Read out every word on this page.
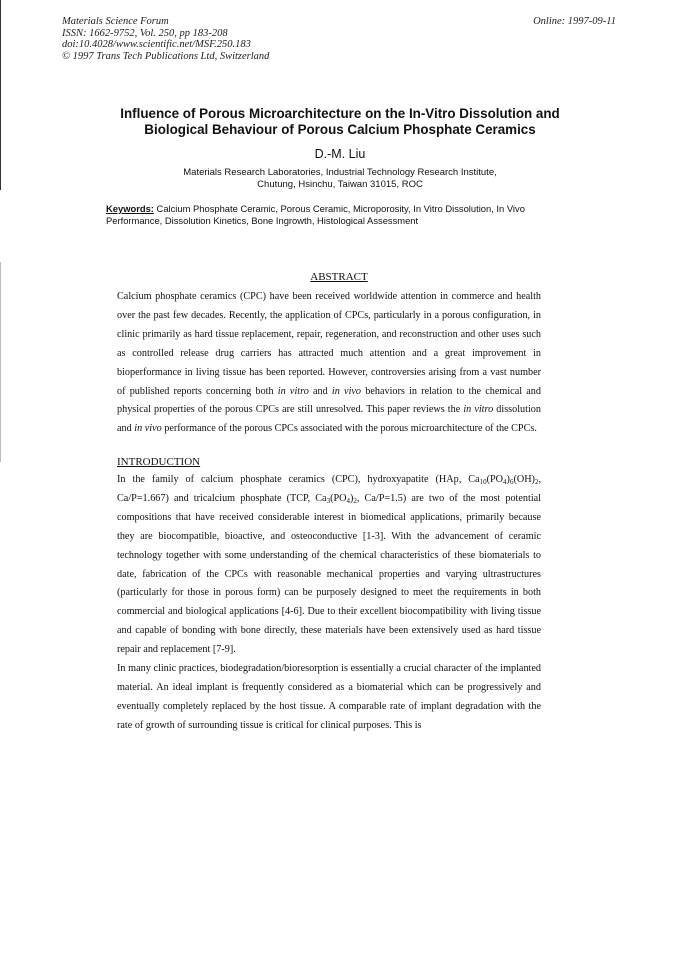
Materials Science Forum
ISSN: 1662-9752, Vol. 250, pp 183-208
doi:10.4028/www.scientific.net/MSF.250.183
© 1997 Trans Tech Publications Ltd, Switzerland
Online: 1997-09-11
Influence of Porous Microarchitecture on the In-Vitro Dissolution and Biological Behaviour of Porous Calcium Phosphate Ceramics
D.-M. Liu
Materials Research Laboratories, Industrial Technology Research Institute,
Chutung, Hsinchu, Taiwan 31015, ROC
Keywords: Calcium Phosphate Ceramic, Porous Ceramic, Microporosity, In Vitro Dissolution, In Vivo Performance, Dissolution Kinetics, Bone Ingrowth, Histological Assessment
ABSTRACT

Calcium phosphate ceramics (CPC) have been received worldwide attention in commerce and health over the past few decades. Recently, the application of CPCs, particularly in a porous configuration, in clinic primarily as hard tissue replacement, repair, regeneration, and reconstruction and other uses such as controlled release drug carriers has attracted much attention and a great improvement in bioperformance in living tissue has been reported. However, controversies arising from a vast number of published reports concerning both in vitro and in vivo behaviors in relation to the chemical and physical properties of the porous CPCs are still unresolved. This paper reviews the in vitro dissolution and in vivo performance of the porous CPCs associated with the porous microarchitecture of the CPCs.

INTRODUCTION

In the family of calcium phosphate ceramics (CPC), hydroxyapatite (HAp, $Ca_{10}(PO_4)_6(OH)_2$, Ca/P=1.667) and tricalcium phosphate (TCP, $Ca_3(PO_4)_2$, Ca/P=1.5) are two of the most potential compositions that have received considerable interest in biomedical applications, primarily because they are biocompatible, bioactive, and osteoconductive [1-3]. With the advancement of ceramic technology together with some understanding of the chemical characteristics of these biomaterials to date, fabrication of the CPCs with reasonable mechanical properties and varying ultrastructures (particularly for those in porous form) can be purposely designed to meet the requirements in both commercial and biological applications [4-6]. Due to their excellent biocompatibility with living tissue and capable of bonding with bone directly, these materials have been extensively used as hard tissue repair and replacement [7-9].

In many clinic practices, biodegradation/bioresorption is essentially a crucial character of the implanted material. An ideal implant is frequently considered as a biomaterial which can be progressively and eventually completely replaced by the host tissue. A comparable rate of implant degradation with the rate of growth of surrounding tissue is critical for clinical purposes. This is
